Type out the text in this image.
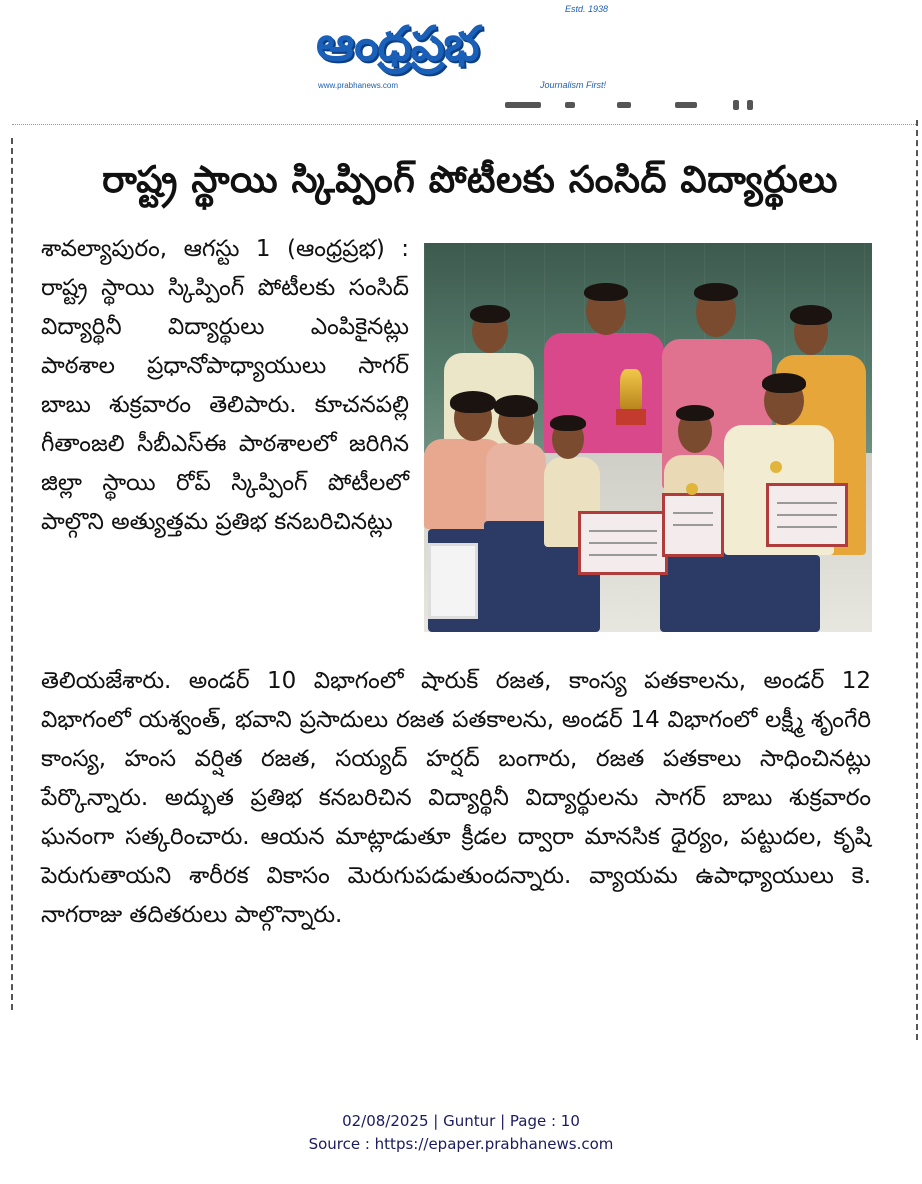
Estd. 1938
ఆంధ్రప్రభ
www.prabhanews.com	Journalism First!
రాష్ట్ర స్థాయి స్కిప్పింగ్ పోటీలకు సంసిద్ విద్యార్థులు
శావల్యాపురం, ఆగస్టు 1 (ఆంధ్రప్రభ) : రాష్ట్ర స్థాయి స్కిప్పింగ్ పోటీలకు సంసిద్ విద్యార్థినీ విద్యార్థులు ఎంపికైనట్లు పాఠశాల ప్రధానోపాధ్యాయులు సాగర్ బాబు శుక్రవారం తెలిపారు. కూచనపల్లి గీతాంజలి సీబీఎస్ఈ పాఠశాలలో జరిగిన జిల్లా స్థాయి రోప్ స్కిప్పింగ్ పోటీలలో పాల్గొని అత్యుత్తమ ప్రతిభ కనబరిచినట్లు
తెలియజేశారు. అండర్ 10 విభాగంలో షారుక్ రజత, కాంస్య పతకాలను, అండర్ 12 విభాగంలో యశ్వంత్, భవాని ప్రసాదులు రజత పతకాలను, అండర్ 14 విభాగంలో లక్ష్మీ శృంగేరి కాంస్య, హంస వర్షిత రజత, సయ్యద్ హర్షద్ బంగారు, రజత పతకాలు సాధించినట్లు పేర్కొన్నారు. అద్భుత ప్రతిభ కనబరిచిన విద్యార్థినీ విద్యార్థులను సాగర్ బాబు శుక్రవారం ఘనంగా సత్కరించారు. ఆయన మాట్లాడుతూ క్రీడల ద్వారా మానసిక ధైర్యం, పట్టుదల, కృషి పెరుగుతాయని శారీరక వికాసం మెరుగుపడుతుందన్నారు. వ్యాయమ ఉపాధ్యాయులు కె. నాగరాజు తదితరులు పాల్గొన్నారు.
02/08/2025 | Guntur | Page : 10
Source : https://epaper.prabhanews.com
